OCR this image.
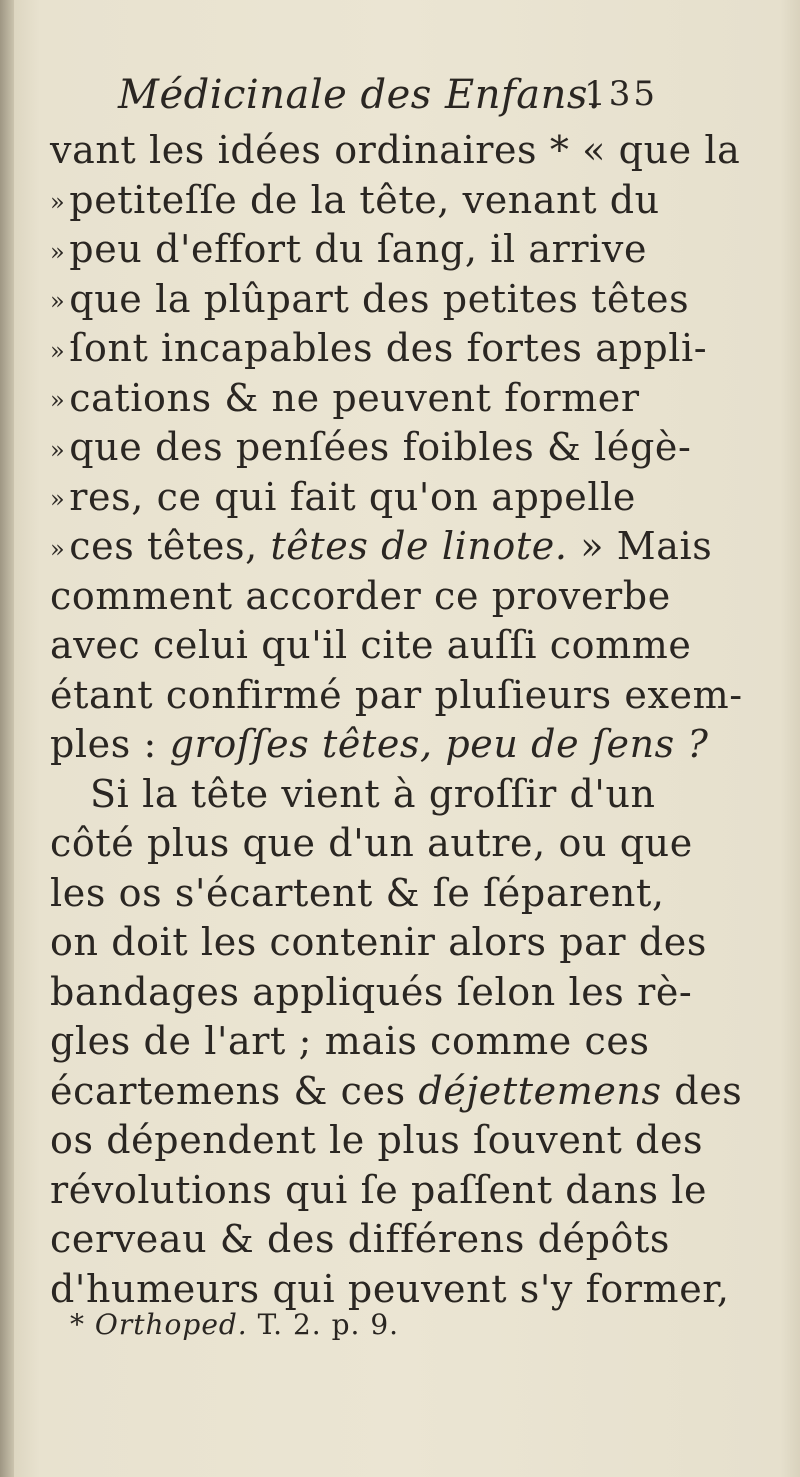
Médicinale des Enfans.
135
vant les idées ordinaires * « que la
» petiteſſe de la tête, venant du
» peu d'effort du ſang, il arrive
» que la plûpart des petites têtes
» ſont incapables des fortes appli-
» cations & ne peuvent former
» que des penſées foibles & légè-
» res, ce qui fait qu'on appelle
» ces têtes, têtes de linote. » Mais
comment accorder ce proverbe
avec celui qu'il cite auſſi comme
étant confirmé par pluſieurs exem-
ples : groſſes têtes, peu de ſens ?
Si la tête vient à groſſir d'un
côté plus que d'un autre, ou que
les os s'écartent & ſe ſéparent,
on doit les contenir alors par des
bandages appliqués ſelon les rè-
gles de l'art ; mais comme ces
écartemens & ces déjettemens des
os dépendent le plus ſouvent des
révolutions qui ſe paſſent dans le
cerveau & des différens dépôts
d'humeurs qui peuvent s'y former,
* Orthoped. T. 2. p. 9.
